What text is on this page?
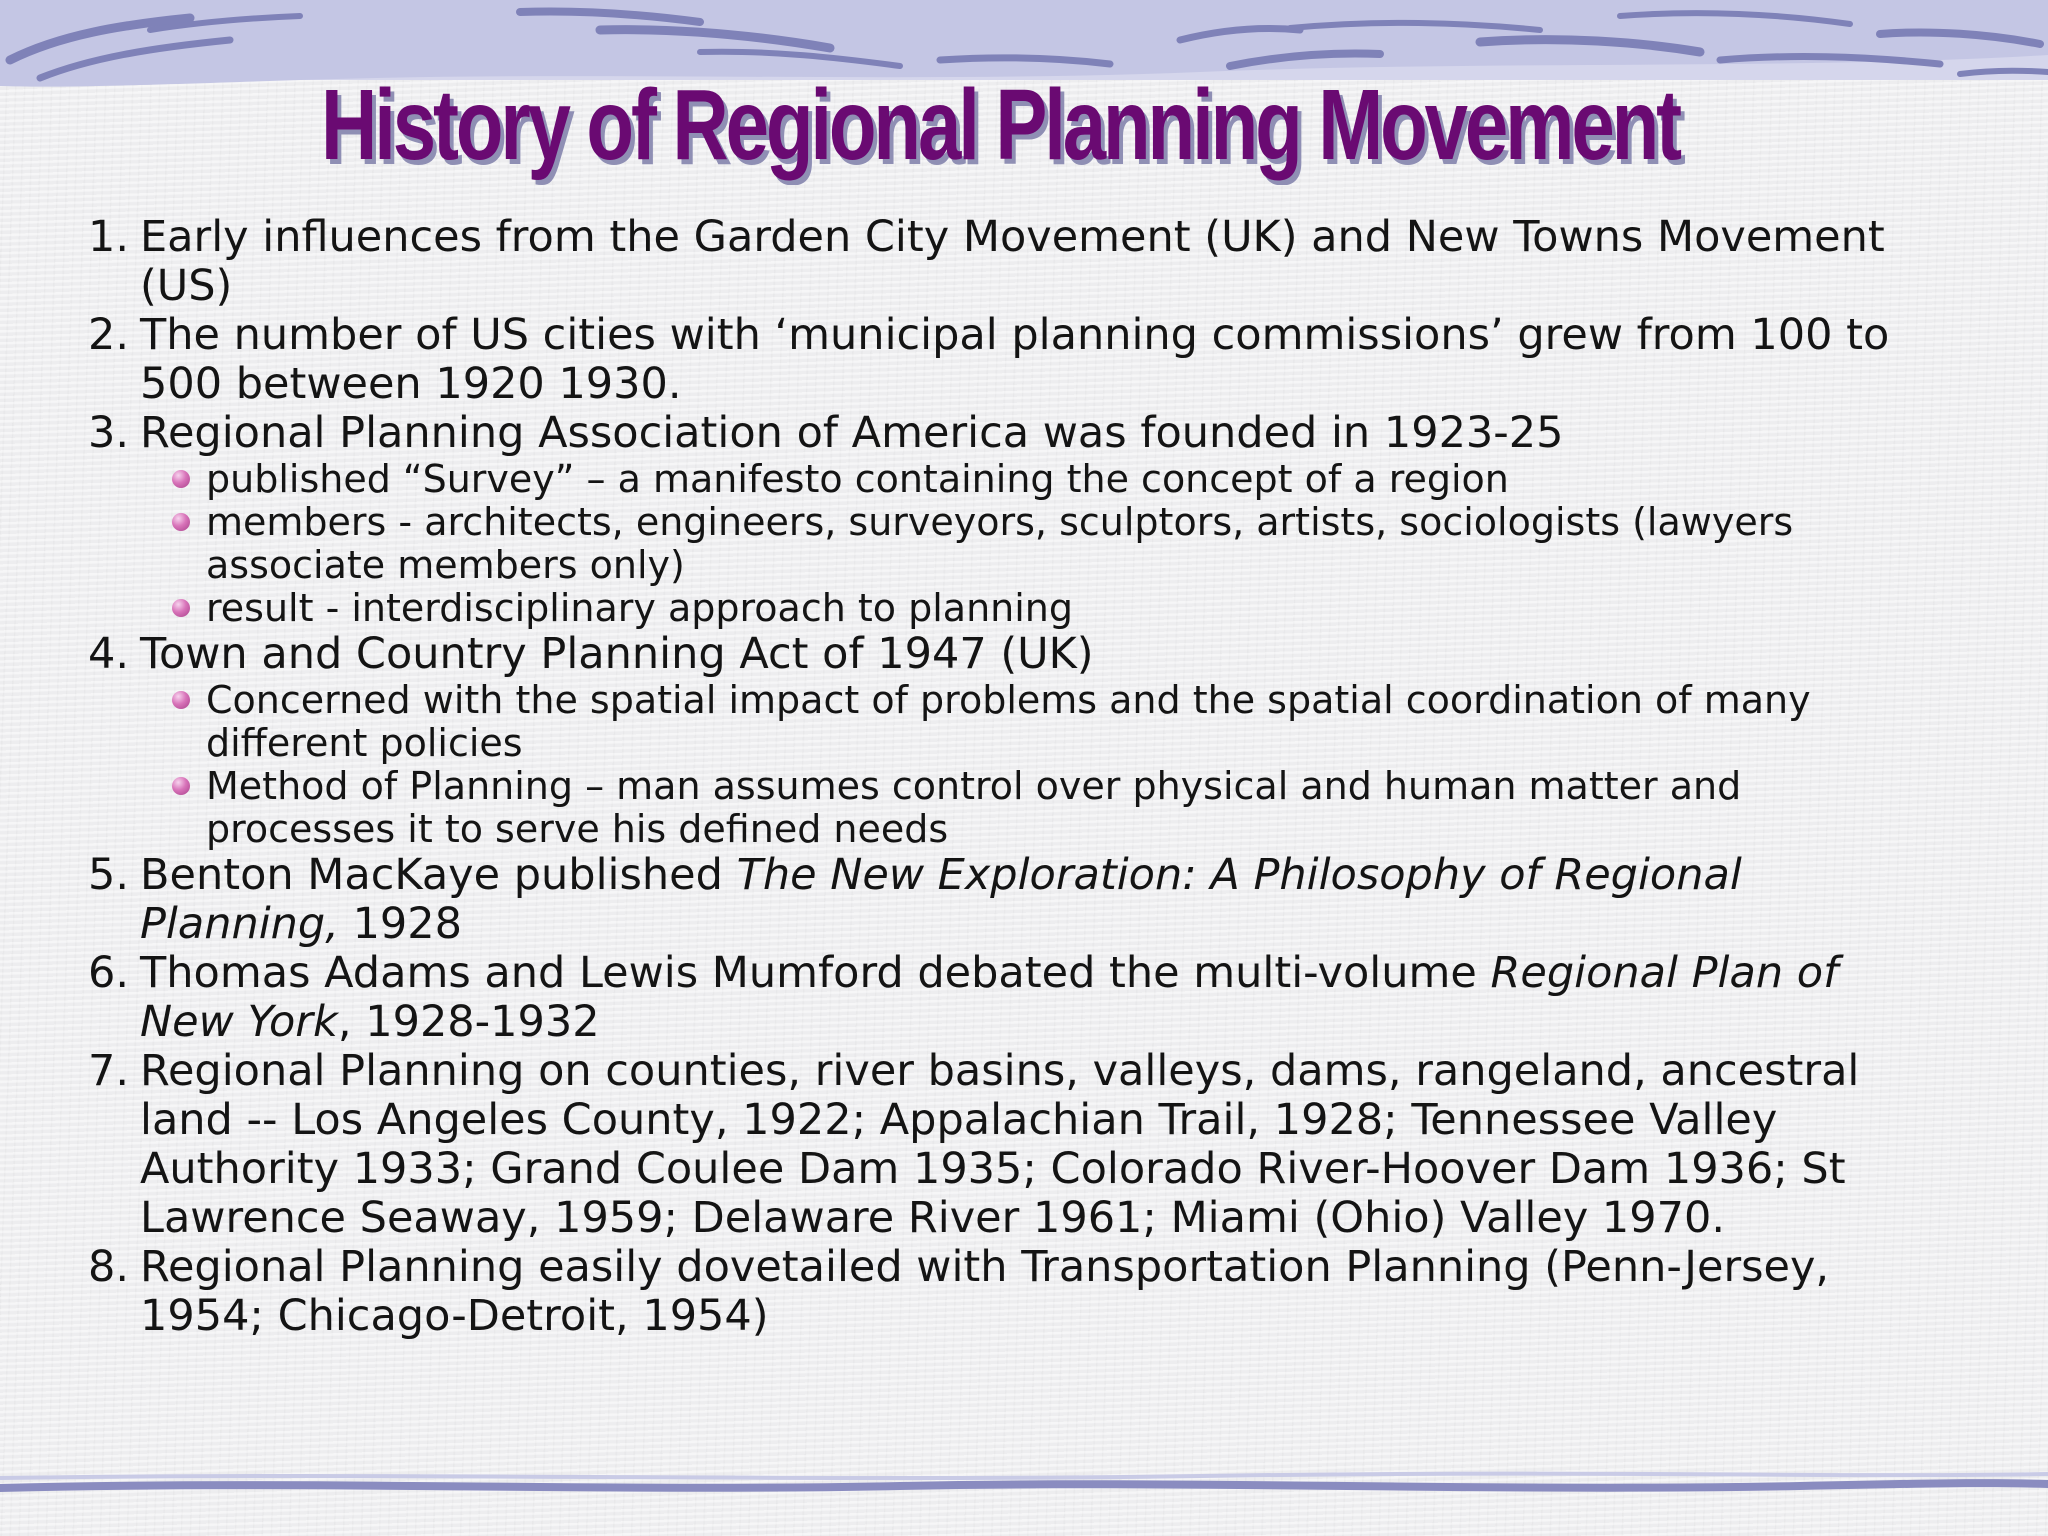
History of Regional Planning Movement
1. Early influences from the Garden City Movement (UK) and New Towns Movement (US)
2. The number of US cities with ‘municipal planning commissions’ grew from 100 to 500 between 1920 1930.
3. Regional Planning Association of America was founded in 1923-25
published “Survey” – a manifesto containing the concept of a region
members - architects, engineers, surveyors, sculptors, artists, sociologists (lawyers associate members only)
result - interdisciplinary approach to planning
4. Town and Country Planning Act of 1947 (UK)
Concerned with the spatial impact of problems and the spatial coordination of many different policies
Method of Planning – man assumes control over physical and human matter and processes it to serve his defined needs
5. Benton MacKaye published The New Exploration: A Philosophy of Regional Planning, 1928
6. Thomas Adams and Lewis Mumford debated the multi-volume Regional Plan of New York, 1928-1932
7. Regional Planning on counties, river basins, valleys, dams, rangeland, ancestral land -- Los Angeles County, 1922; Appalachian Trail, 1928; Tennessee Valley Authority 1933; Grand Coulee Dam 1935; Colorado River-Hoover Dam 1936; St Lawrence Seaway, 1959; Delaware River 1961; Miami (Ohio) Valley 1970.
8. Regional Planning easily dovetailed with Transportation Planning (Penn-Jersey, 1954; Chicago-Detroit, 1954)
